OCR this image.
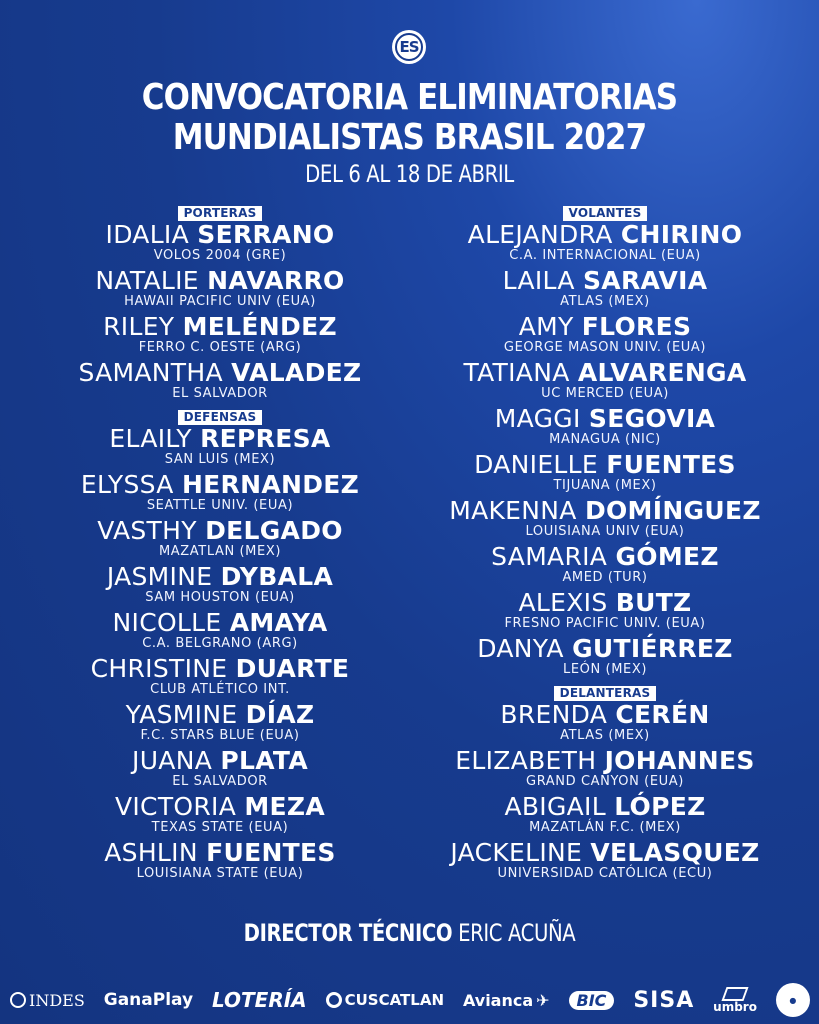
ES
CONVOCATORIA ELIMINATORIAS
MUNDIALISTAS BRASIL 2027
DEL 6 AL 18 DE ABRIL
PORTERAS
IDALIA SERRANO
VOLOS 2004 (GRE)
NATALIE NAVARRO
HAWAII PACIFIC UNIV (EUA)
RILEY MELÉNDEZ
FERRO C. OESTE (ARG)
SAMANTHA VALADEZ
EL SALVADOR
DEFENSAS
ELAILY REPRESA
SAN LUIS (MEX)
ELYSSA HERNANDEZ
SEATTLE UNIV. (EUA)
VASTHY DELGADO
MAZATLAN (MEX)
JASMINE DYBALA
SAM HOUSTON (EUA)
NICOLLE AMAYA
C.A. BELGRANO (ARG)
CHRISTINE DUARTE
CLUB ATLÉTICO INT.
YASMINE DÍAZ
F.C. STARS BLUE (EUA)
JUANA PLATA
EL SALVADOR
VICTORIA MEZA
TEXAS STATE (EUA)
ASHLIN FUENTES
LOUISIANA STATE (EUA)
VOLANTES
ALEJANDRA CHIRINO
C.A. INTERNACIONAL (EUA)
LAILA SARAVIA
ATLAS (MEX)
AMY FLORES
GEORGE MASON UNIV. (EUA)
TATIANA ALVARENGA
UC MERCED (EUA)
MAGGI SEGOVIA
MANAGUA (NIC)
DANIELLE FUENTES
TIJUANA (MEX)
MAKENNA DOMÍNGUEZ
LOUISIANA UNIV (EUA)
SAMARIA GÓMEZ
AMED (TUR)
ALEXIS BUTZ
FRESNO PACIFIC UNIV. (EUA)
DANYA GUTIÉRREZ
LEÓN (MEX)
DELANTERAS
BRENDA CERÉN
ATLAS (MEX)
ELIZABETH JOHANNES
GRAND CANYON (EUA)
ABIGAIL LÓPEZ
MAZATLÁN F.C. (MEX)
JACKELINE VELASQUEZ
UNIVERSIDAD CATÓLICA (ECU)
DIRECTOR TÉCNICO ERIC ACUÑA
INDES GanaPlay LOTERÍA	CUSCATLAN Avianca ✈ BIC SISA umbro	●
